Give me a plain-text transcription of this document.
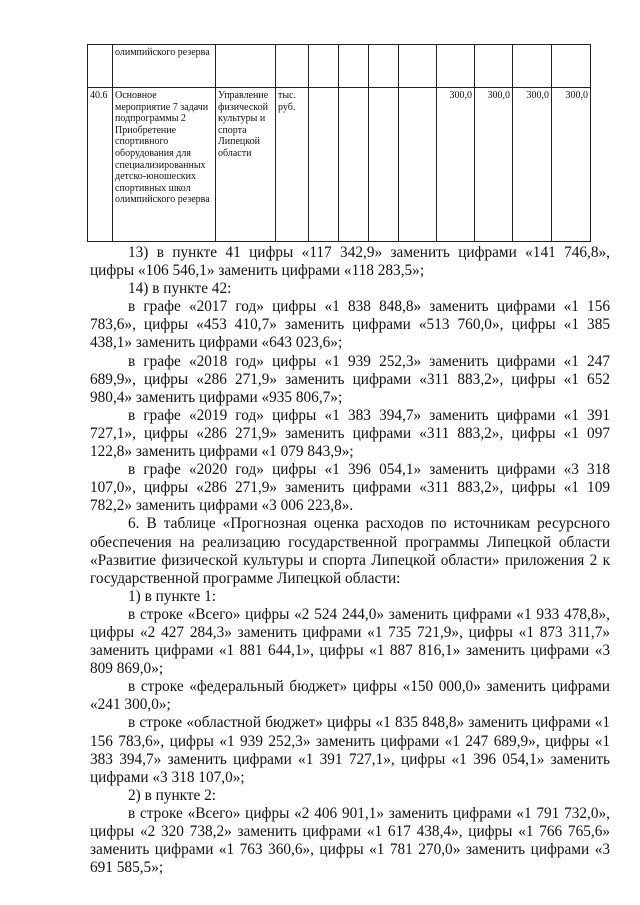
	олимпийского резерва										
40.6	Основное мероприятие 7 задачи подпрограммы 2 Приобретение спортивного оборудования для специализированных детско-юношеских спортивных школ олимпийского резерва	Управление физической культуры и спорта Липецкой области	тыс. руб.					300,0	300,0	300,0	300,0

13) в пункте 41 цифры «117 342,9» заменить цифрами «141 746,8», цифры «106 546,1» заменить цифрами «118 283,5»;

14) в пункте 42:

в графе «2017 год» цифры «1 838 848,8» заменить цифрами «1 156 783,6», цифры «453 410,7» заменить цифрами «513 760,0», цифры «1 385 438,1» заменить цифрами «643 023,6»;

в графе «2018 год» цифры «1 939 252,3» заменить цифрами «1 247 689,9», цифры «286 271,9» заменить цифрами «311 883,2», цифры «1 652 980,4» заменить цифрами «935 806,7»;

в графе «2019 год» цифры «1 383 394,7» заменить цифрами «1 391 727,1», цифры «286 271,9» заменить цифрами «311 883,2», цифры «1 097 122,8» заменить цифрами «1 079 843,9»;

в графе «2020 год» цифры «1 396 054,1» заменить цифрами «3 318 107,0», цифры «286 271,9» заменить цифрами «311 883,2», цифры «1 109 782,2» заменить цифрами «3 006 223,8».

6. В таблице «Прогнозная оценка расходов по источникам ресурсного обеспечения на реализацию государственной программы Липецкой области «Развитие физической культуры и спорта Липецкой области» приложения 2 к государственной программе Липецкой области:

1) в пункте 1:

в строке «Всего» цифры «2 524 244,0» заменить цифрами «1 933 478,8», цифры «2 427 284,3» заменить цифрами «1 735 721,9», цифры «1 873 311,7» заменить цифрами «1 881 644,1», цифры «1 887 816,1» заменить цифрами «3 809 869,0»;

в строке «федеральный бюджет» цифры «150 000,0» заменить цифрами «241 300,0»;

в строке «областной бюджет» цифры «1 835 848,8» заменить цифрами «1 156 783,6», цифры «1 939 252,3» заменить цифрами «1 247 689,9», цифры «1 383 394,7» заменить цифрами «1 391 727,1», цифры «1 396 054,1» заменить цифрами «3 318 107,0»;

2) в пункте 2:

в строке «Всего» цифры «2 406 901,1» заменить цифрами «1 791 732,0», цифры «2 320 738,2» заменить цифрами «1 617 438,4», цифры «1 766 765,6» заменить цифрами «1 763 360,6», цифры «1 781 270,0» заменить цифрами «3 691 585,5»;
